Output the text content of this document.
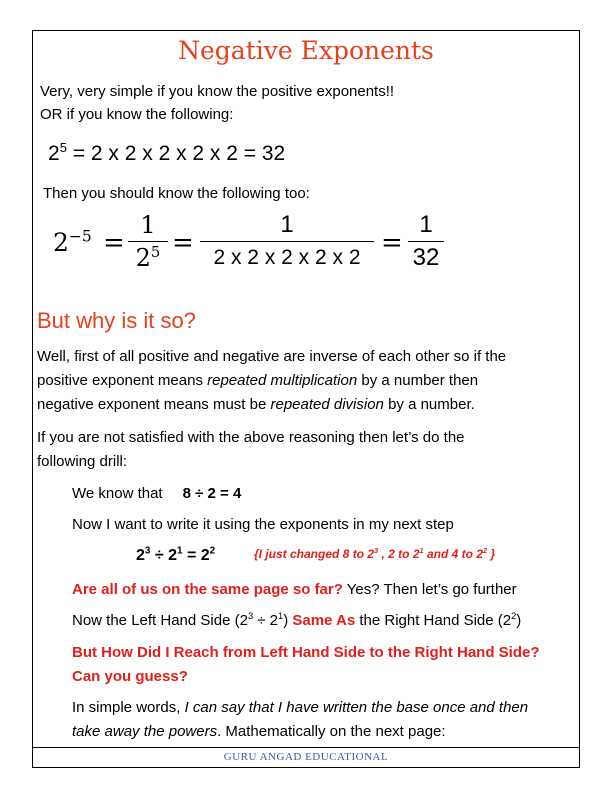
Negative Exponents
Very, very simple if you know the positive exponents!!
OR if you know the following:
$2^5 = 2$ x 2 x 2 x 2 x 2 = 32
Then you should know the following too:
$2^{-5}$ =
1
$2^5$ =
1
2 x 2 x 2 x 2 x 2 =
1
32
But why is it so?
Well, first of all positive and negative are inverse of each other so if the
positive exponent means repeated multiplication by a number then
negative exponent means must be repeated division by a number.
If you are not satisfied with the above reasoning then let’s do the
following drill:
We know that 8 ÷ 2 = 4
Now I want to write it using the exponents in my next step
$2^3 \div 2^1 = 2^2$	{I just changed 8 to $2^3$ , 2 to $2^1$ and 4 to $2^2$ }
Are all of us on the same page so far? Yes? Then let’s go further
Now the Left Hand Side $(2^3 \div 2^1)$ Same As the Right Hand Side $(2^2)$
But How Did I Reach from Left Hand Side to the Right Hand Side?
Can you guess?
In simple words, I can say that I have written the base once and then
take away the powers. Mathematically on the next page:
GURU ANGAD EDUCATIONAL
